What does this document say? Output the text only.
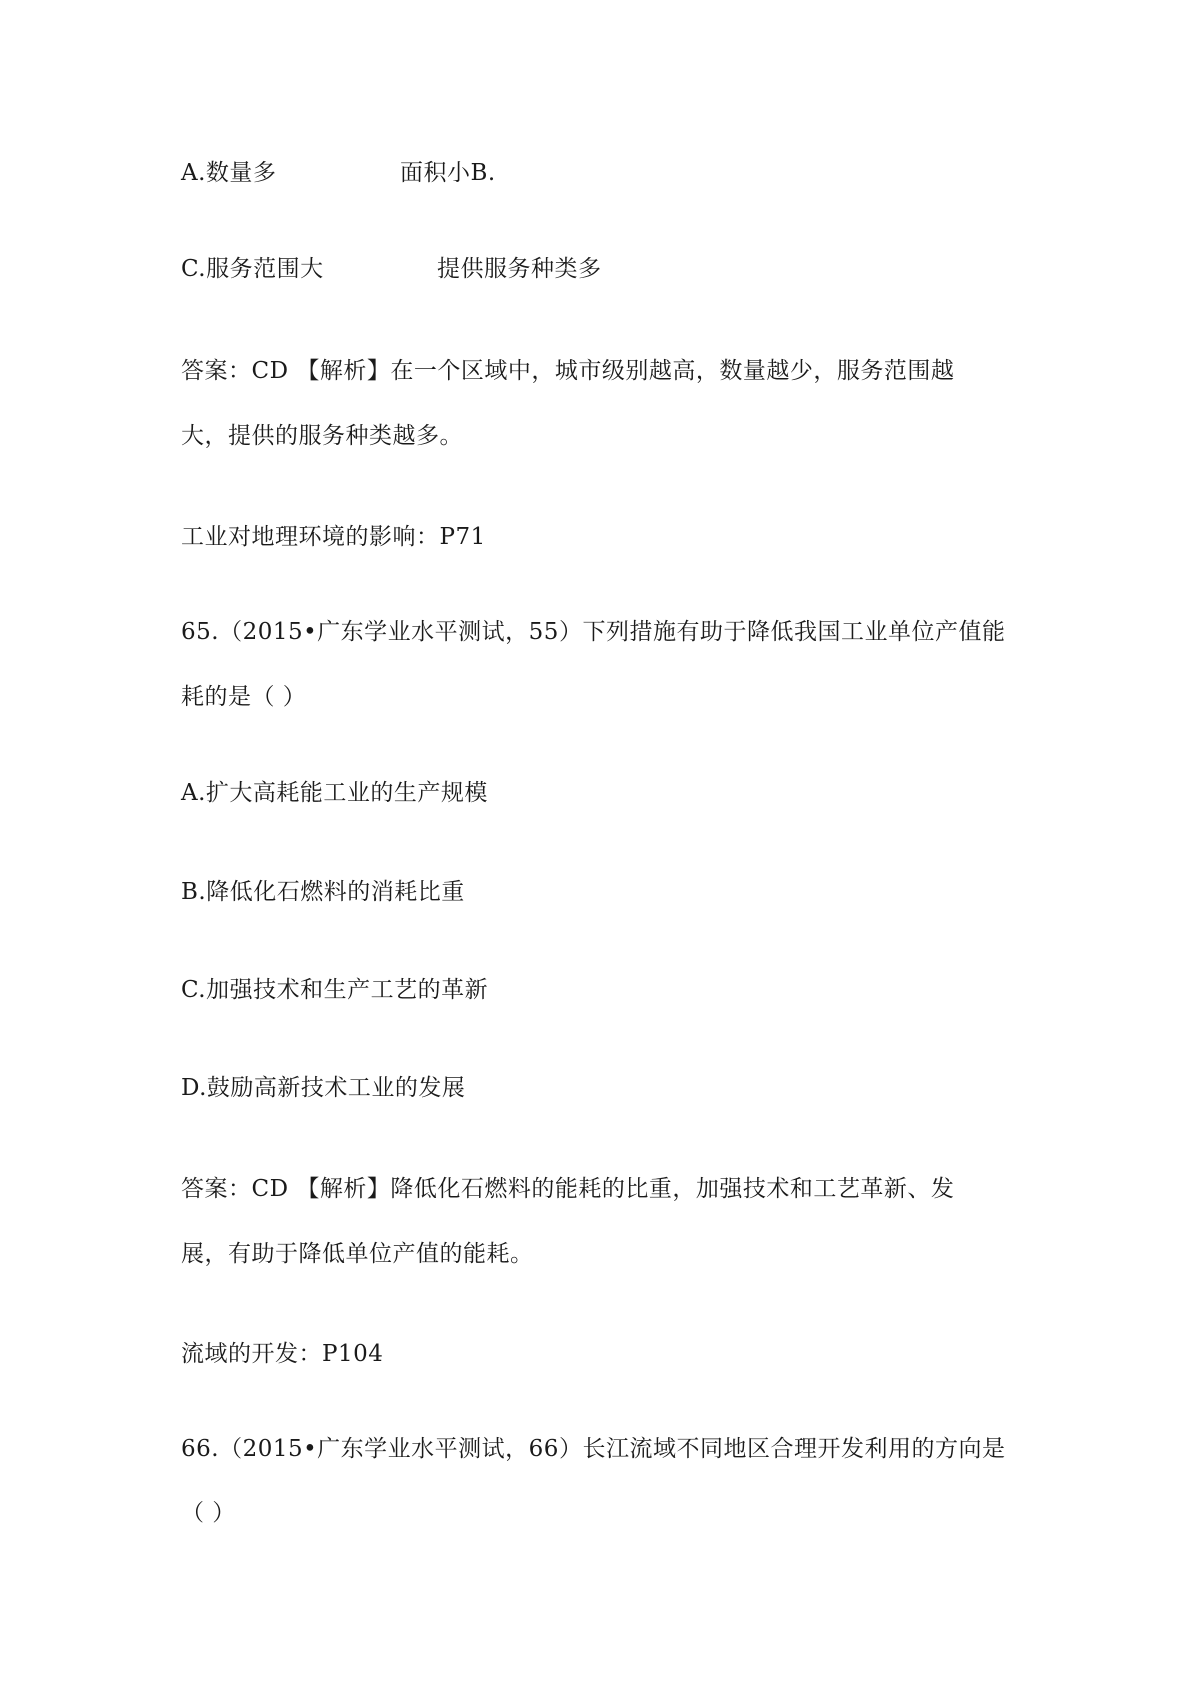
A.数量多	面积小B.
C.服务范围大	提供服务种类多
答案：CD 【解析】在一个区域中，城市级别越高，数量越少，服务范围越
大，提供的服务种类越多。
工业对地理环境的影响：P71
65.（2015•广东学业水平测试，55）下列措施有助于降低我国工业单位产值能
耗的是（ ）
A.扩大高耗能工业的生产规模
B.降低化石燃料的消耗比重
C.加强技术和生产工艺的革新
D.鼓励高新技术工业的发展
答案：CD 【解析】降低化石燃料的能耗的比重，加强技术和工艺革新、发
展，有助于降低单位产值的能耗。
流域的开发：P104
66.（2015•广东学业水平测试，66）长江流域不同地区合理开发利用的方向是
（ ）
